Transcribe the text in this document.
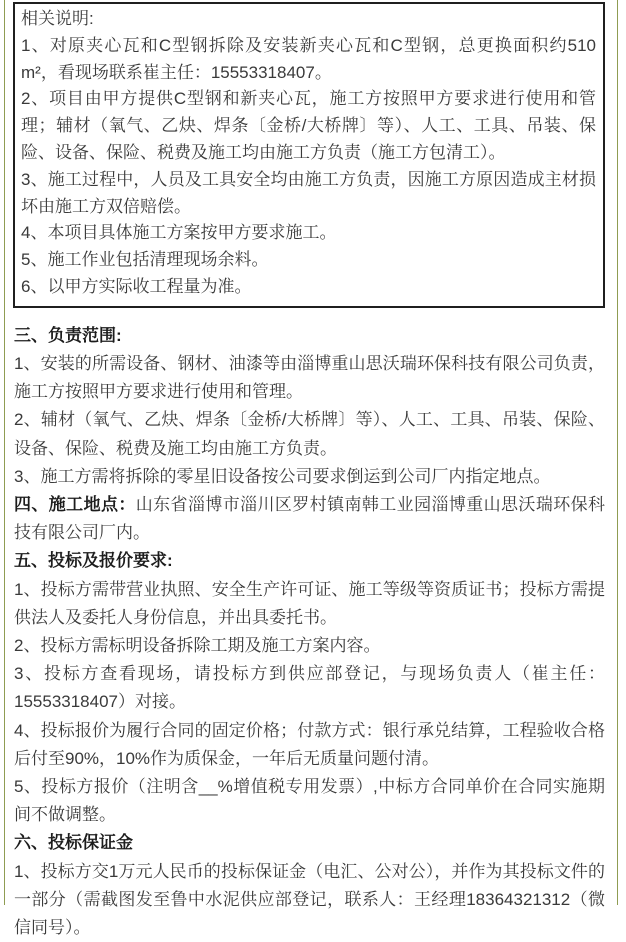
相关说明:

1、对原夹心瓦和C型钢拆除及安装新夹心瓦和C型钢，总更换面积约510 m²，看现场联系崔主任：15553318407。

2、项目由甲方提供C型钢和新夹心瓦，施工方按照甲方要求进行使用和管理；辅材（氧气、乙炔、焊条〔金桥/大桥牌〕等）、人工、工具、吊装、保险、设备、保险、税费及施工均由施工方负责（施工方包清工）。

3、施工过程中，人员及工具安全均由施工方负责，因施工方原因造成主材损坏由施工方双倍赔偿。

4、本项目具体施工方案按甲方要求施工。

5、施工作业包括清理现场余料。

6、以甲方实际收工程量为准。

三、负责范围:

1、安装的所需设备、钢材、油漆等由淄博重山思沃瑞环保科技有限公司负责，施工方按照甲方要求进行使用和管理。

2、辅材（氧气、乙炔、焊条〔金桥/大桥牌〕等）、人工、工具、吊装、保险、设备、保险、税费及施工均由施工方负责。

3、施工方需将拆除的零星旧设备按公司要求倒运到公司厂内指定地点。

四、施工地点：山东省淄博市淄川区罗村镇南韩工业园淄博重山思沃瑞环保科技有限公司厂内。

五、投标及报价要求:

1、投标方需带营业执照、安全生产许可证、施工等级等资质证书；投标方需提供法人及委托人身份信息，并出具委托书。

2、投标方需标明设备拆除工期及施工方案内容。

3、投标方查看现场，请投标方到供应部登记，与现场负责人（崔主任：15553318407）对接。

4、投标报价为履行合同的固定价格；付款方式：银行承兑结算，工程验收合格后付至90%，10%作为质保金，一年后无质量问题付清。

5、投标方报价（注明含__%增值税专用发票）,中标方合同单价在合同实施期间不做调整。

六、投标保证金

1、投标方交1万元人民币的投标保证金（电汇、公对公），并作为其投标文件的一部分（需截图发至鲁中水泥供应部登记，联系人：王经理18364321312（微信同号）。
